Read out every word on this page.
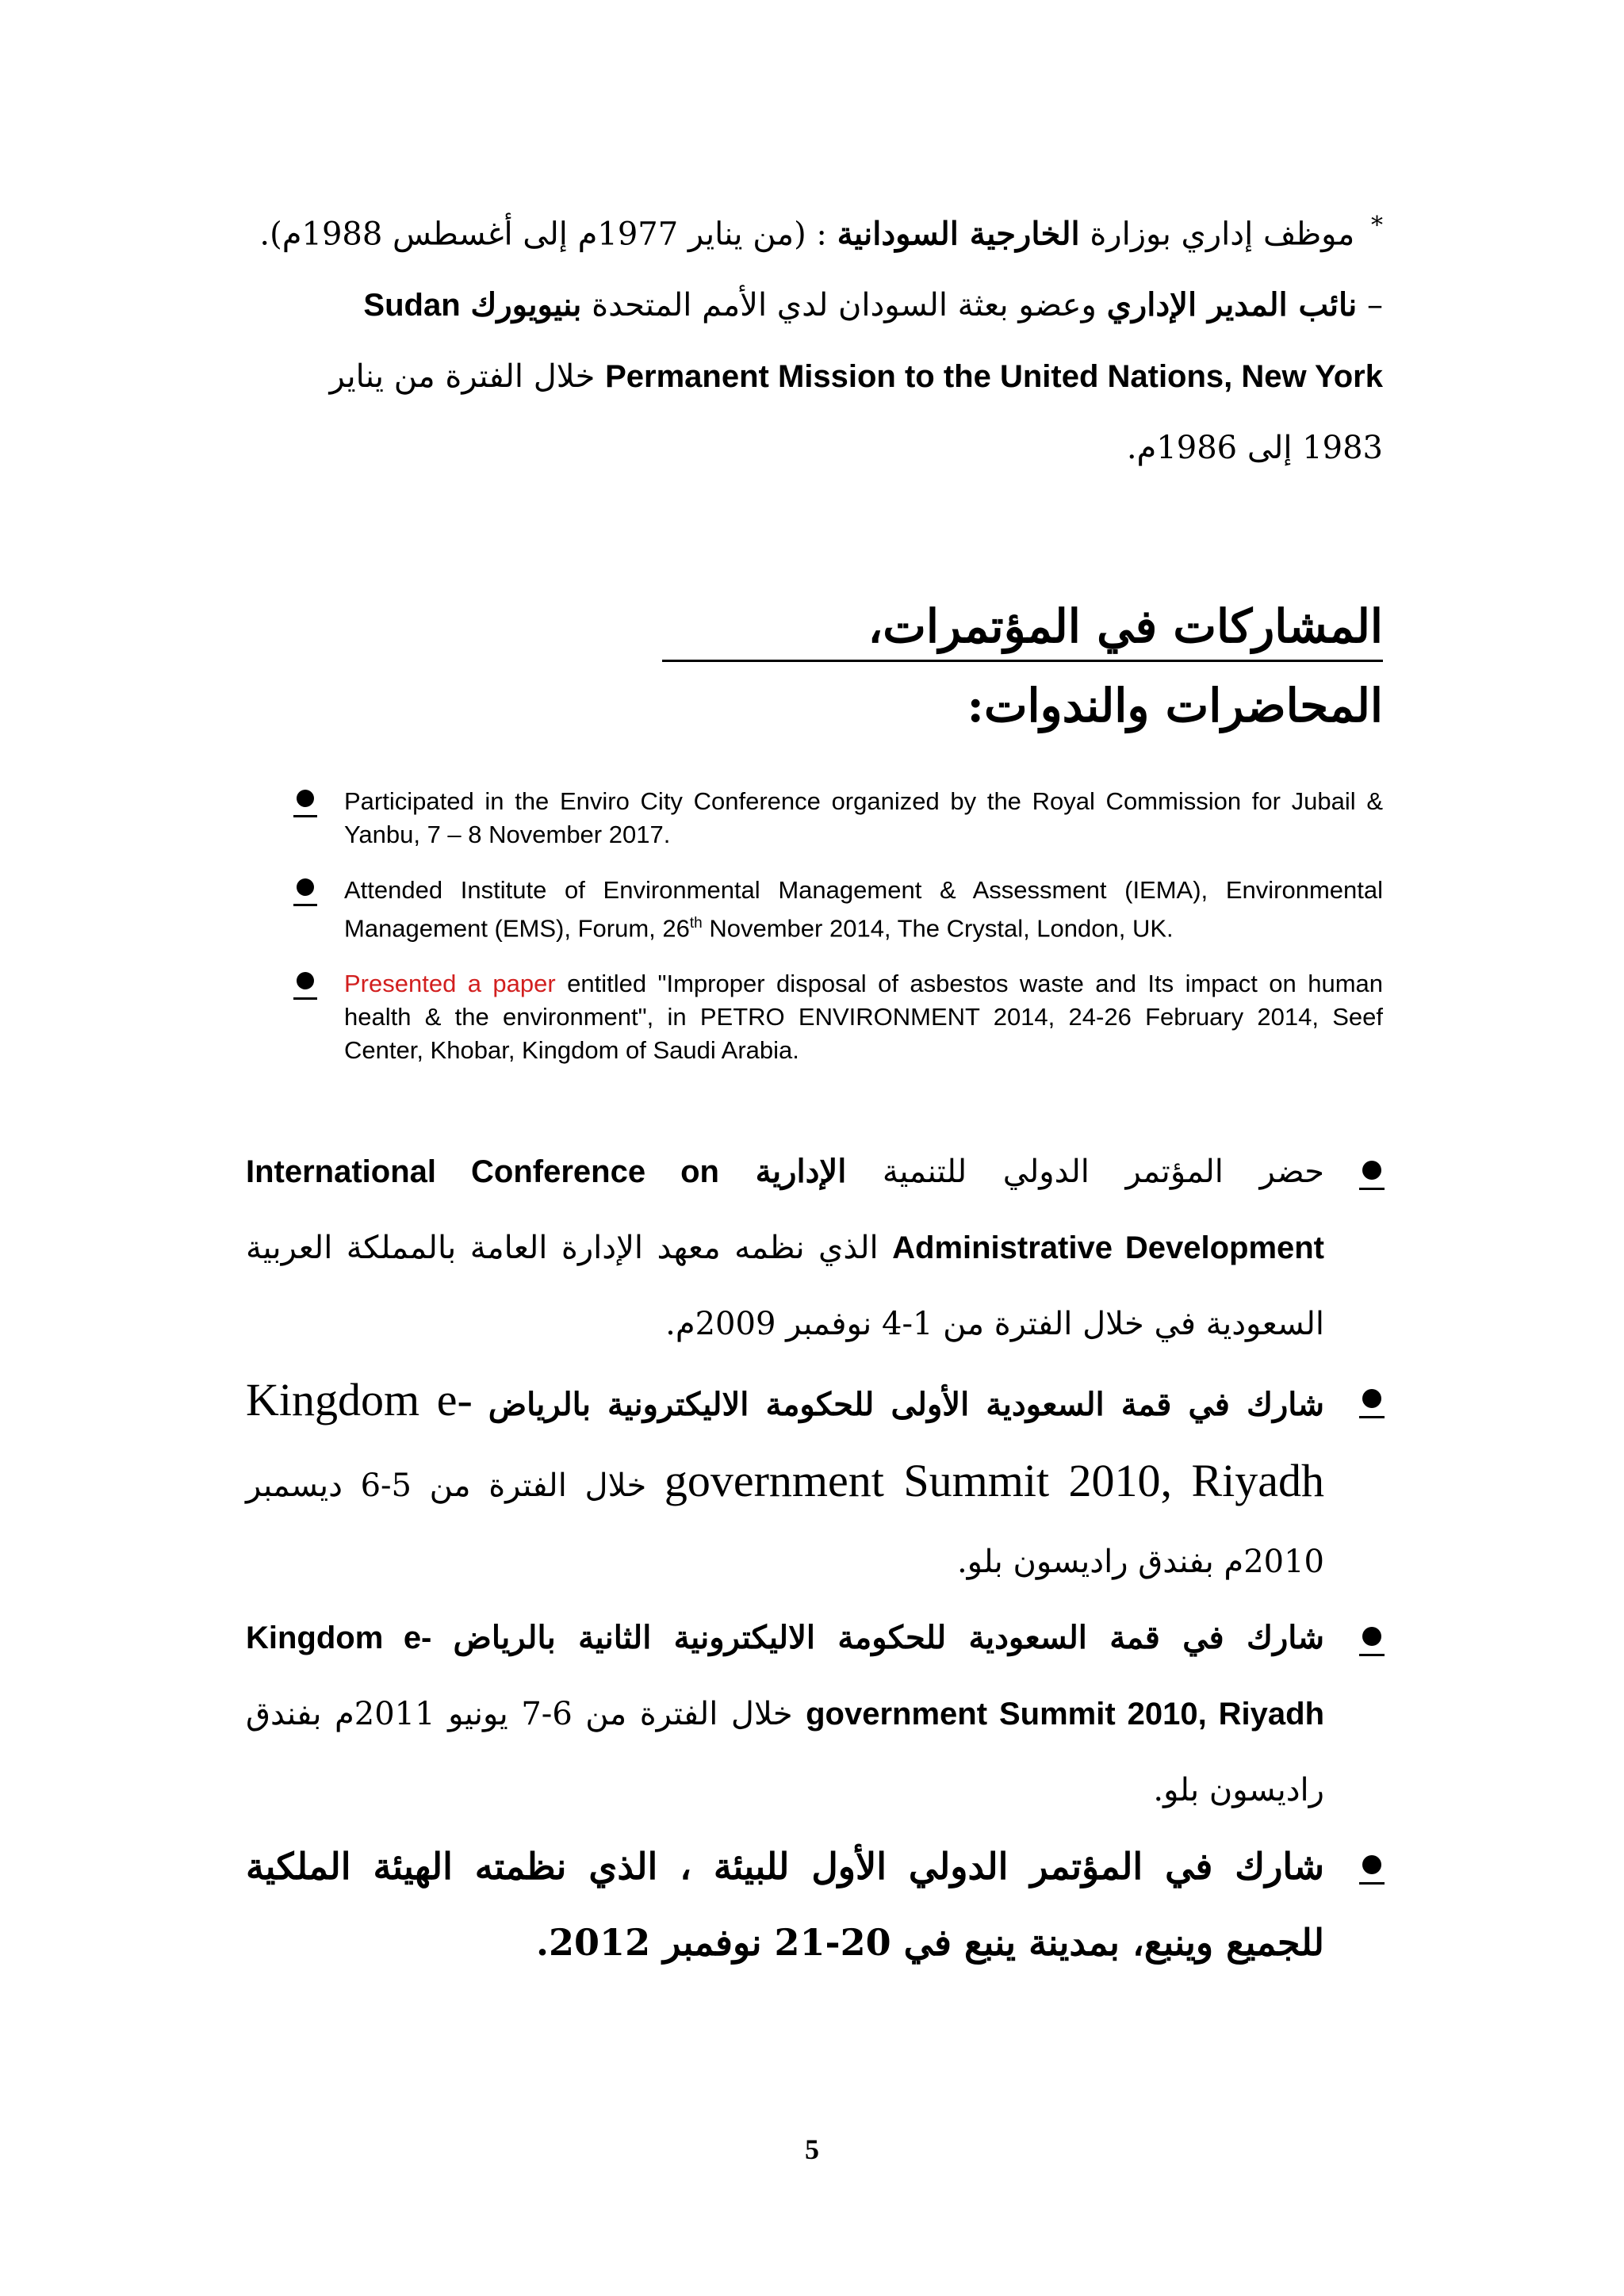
* موظف إداري بوزارة الخارجية السودانية : (من يناير 1977م إلى أغسطس 1988م).
– نائب المدير الإداري وعضو بعثة السودان لدي الأمم المتحدة بنيويورك Sudan
Permanent Mission to the United Nations, New York خلال الفترة من يناير
1983 إلى 1986م.
المشاركات في المؤتمرات، المحاضرات والندوات:
Participated in the Enviro City Conference organized by the Royal Commission for Jubail & Yanbu, 7 – 8 November 2017.
Attended Institute of Environmental Management & Assessment (IEMA), Environmental Management (EMS), Forum, 26th November 2014, The Crystal, London, UK.
Presented a paper entitled "Improper disposal of asbestos waste and Its impact on human health & the environment", in PETRO ENVIRONMENT 2014, 24-26 February 2014, Seef Center, Khobar, Kingdom of Saudi Arabia.
حضر المؤتمر الدولي للتنمية الإدارية International Conference on Administrative Development الذي نظمه معهد الإدارة العامة بالمملكة العربية السعودية في خلال الفترة من 1-4 نوفمبر 2009م.
شارك في قمة السعودية الأولى للحكومة الاليكترونية بالرياض Kingdom e-government Summit 2010, Riyadh خلال الفترة من 5-6 ديسمبر 2010م بفندق راديسون بلو.
شارك في قمة السعودية للحكومة الاليكترونية الثانية بالرياض Kingdom e-government Summit 2010, Riyadh خلال الفترة من 6-7 يونيو 2011م بفندق راديسون بلو.
شارك في المؤتمر الدولي الأول للبيئة ، الذي نظمته الهيئة الملكية للجميع وينبع، بمدينة ينبع في 20-21 نوفمبر 2012.
5
